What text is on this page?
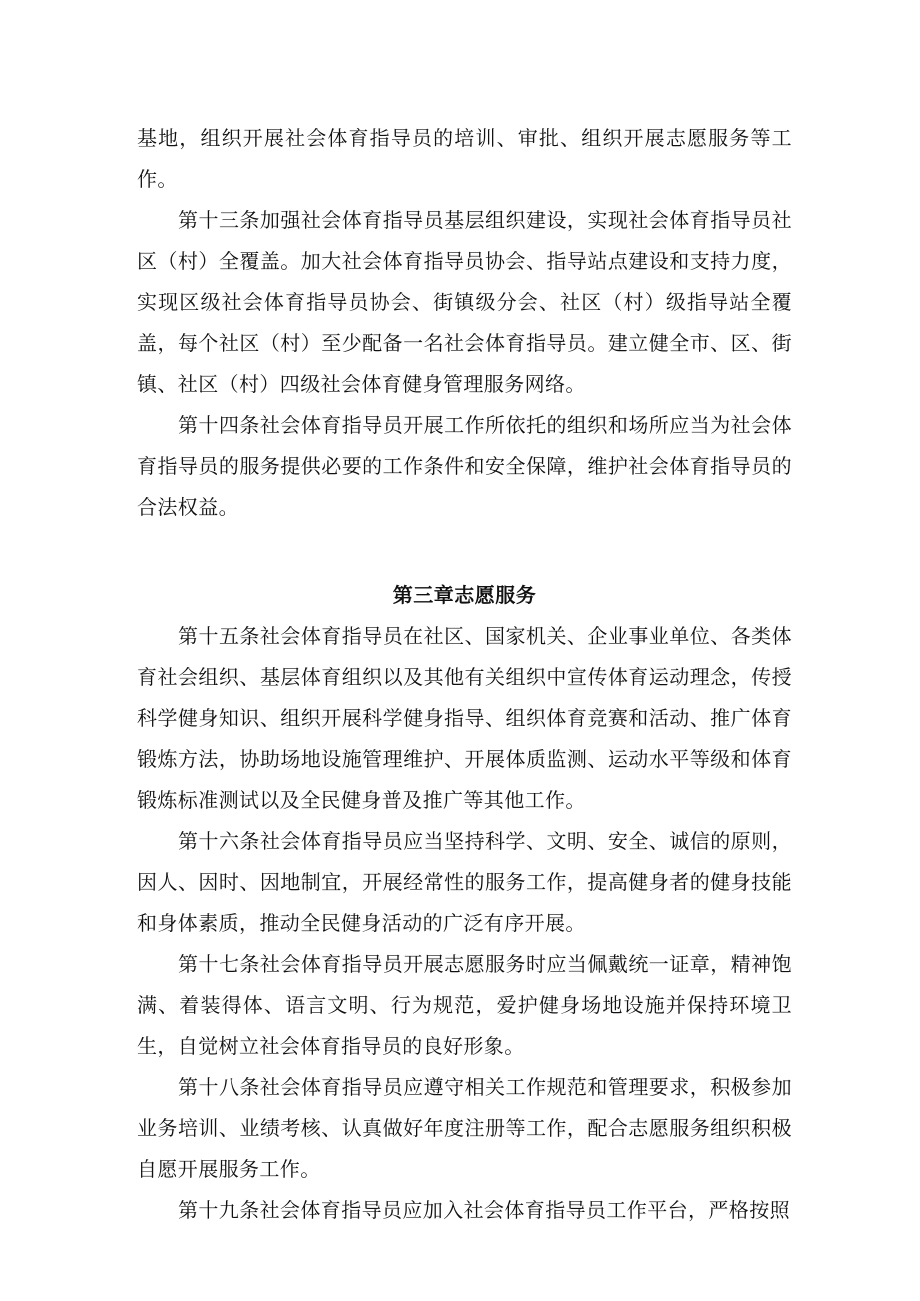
基地，组织开展社会体育指导员的培训、审批、组织开展志愿服务等工作。

第十三条加强社会体育指导员基层组织建设，实现社会体育指导员社区（村）全覆盖。加大社会体育指导员协会、指导站点建设和支持力度，实现区级社会体育指导员协会、街镇级分会、社区（村）级指导站全覆盖，每个社区（村）至少配备一名社会体育指导员。建立健全市、区、街镇、社区（村）四级社会体育健身管理服务网络。

第十四条社会体育指导员开展工作所依托的组织和场所应当为社会体育指导员的服务提供必要的工作条件和安全保障，维护社会体育指导员的合法权益。

第三章志愿服务

第十五条社会体育指导员在社区、国家机关、企业事业单位、各类体育社会组织、基层体育组织以及其他有关组织中宣传体育运动理念，传授科学健身知识、组织开展科学健身指导、组织体育竞赛和活动、推广体育锻炼方法，协助场地设施管理维护、开展体质监测、运动水平等级和体育锻炼标准测试以及全民健身普及推广等其他工作。

第十六条社会体育指导员应当坚持科学、文明、安全、诚信的原则，因人、因时、因地制宜，开展经常性的服务工作，提高健身者的健身技能和身体素质，推动全民健身活动的广泛有序开展。

第十七条社会体育指导员开展志愿服务时应当佩戴统一证章，精神饱满、着装得体、语言文明、行为规范，爱护健身场地设施并保持环境卫生，自觉树立社会体育指导员的良好形象。

第十八条社会体育指导员应遵守相关工作规范和管理要求，积极参加业务培训、业绩考核、认真做好年度注册等工作，配合志愿服务组织积极自愿开展服务工作。

第十九条社会体育指导员应加入社会体育指导员工作平台，严格按照
